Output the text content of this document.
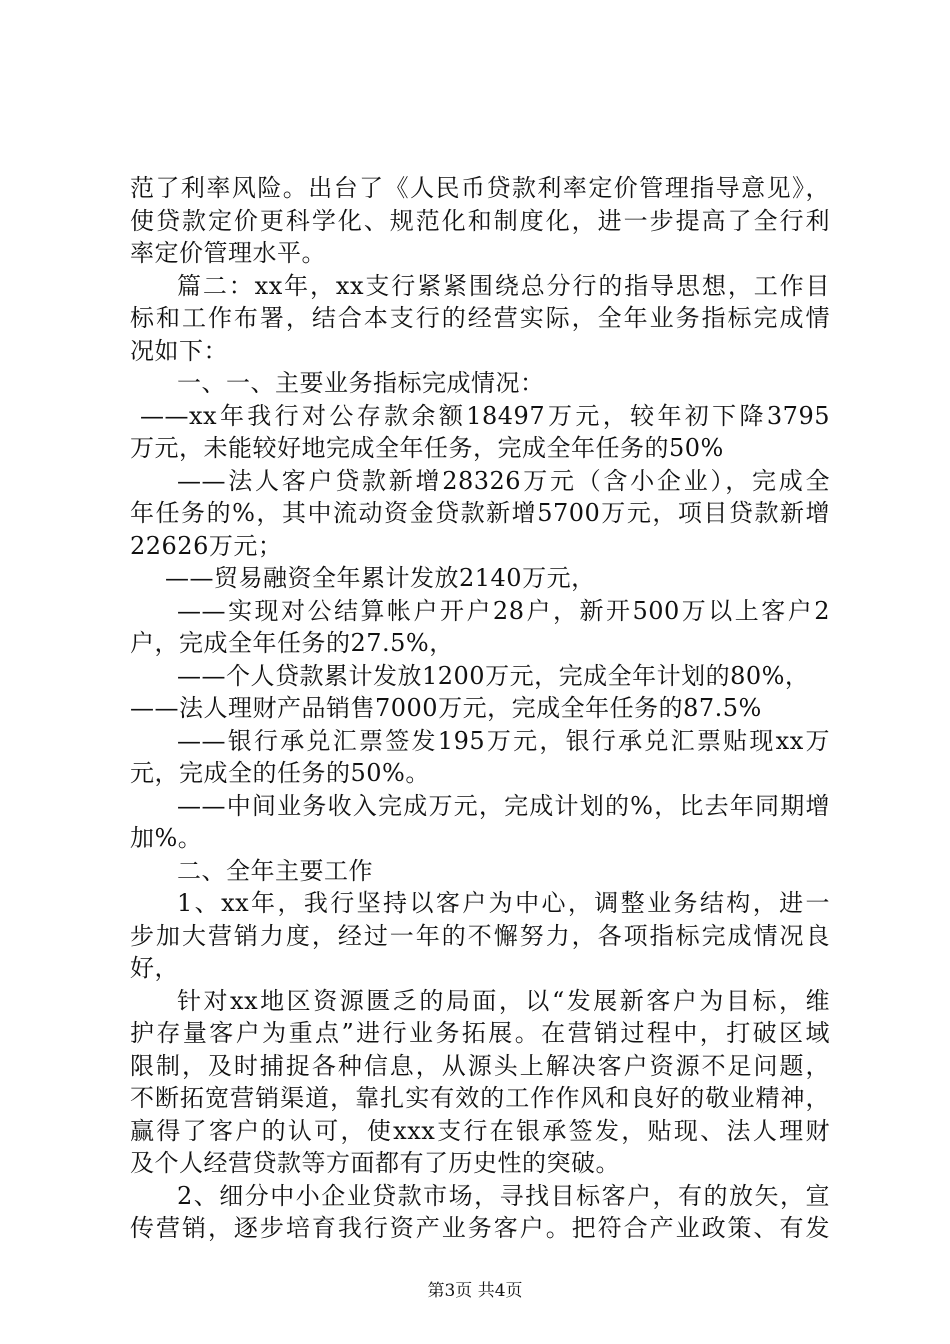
范了利率风险。出台了《人民币贷款利率定价管理指导意见》，
使贷款定价更科学化、规范化和制度化，进一步提高了全行利
率定价管理水平。
篇二：xx年，xx支行紧紧围绕总分行的指导思想，工作目
标和工作布署，结合本支行的经营实际，全年业务指标完成情
况如下：
一、一、主要业务指标完成情况：
——xx年我行对公存款余额18497万元，较年初下降3795
万元，未能较好地完成全年任务，完成全年任务的50%
——法人客户贷款新增28326万元（含小企业），完成全
年任务的%，其中流动资金贷款新增5700万元，项目贷款新增
22626万元；
——贸易融资全年累计发放2140万元，
——实现对公结算帐户开户28户，新开500万以上客户2
户，完成全年任务的27.5%，
——个人贷款累计发放1200万元，完成全年计划的80%，
——法人理财产品销售7000万元，完成全年任务的87.5%
——银行承兑汇票签发195万元，银行承兑汇票贴现xx万
元，完成全的任务的50%。
——中间业务收入完成万元，完成计划的%，比去年同期增
加%。
二、全年主要工作
1、xx年，我行坚持以客户为中心，调整业务结构，进一
步加大营销力度，经过一年的不懈努力，各项指标完成情况良
好，
针对xx地区资源匮乏的局面，以“发展新客户为目标，维
护存量客户为重点”进行业务拓展。在营销过程中，打破区域
限制，及时捕捉各种信息，从源头上解决客户资源不足问题，
不断拓宽营销渠道，靠扎实有效的工作作风和良好的敬业精神，
赢得了客户的认可，使xxx支行在银承签发，贴现、法人理财
及个人经营贷款等方面都有了历史性的突破。
2、细分中小企业贷款市场，寻找目标客户，有的放矢，宣
传营销，逐步培育我行资产业务客户。把符合产业政策、有发
第3页 共4页
